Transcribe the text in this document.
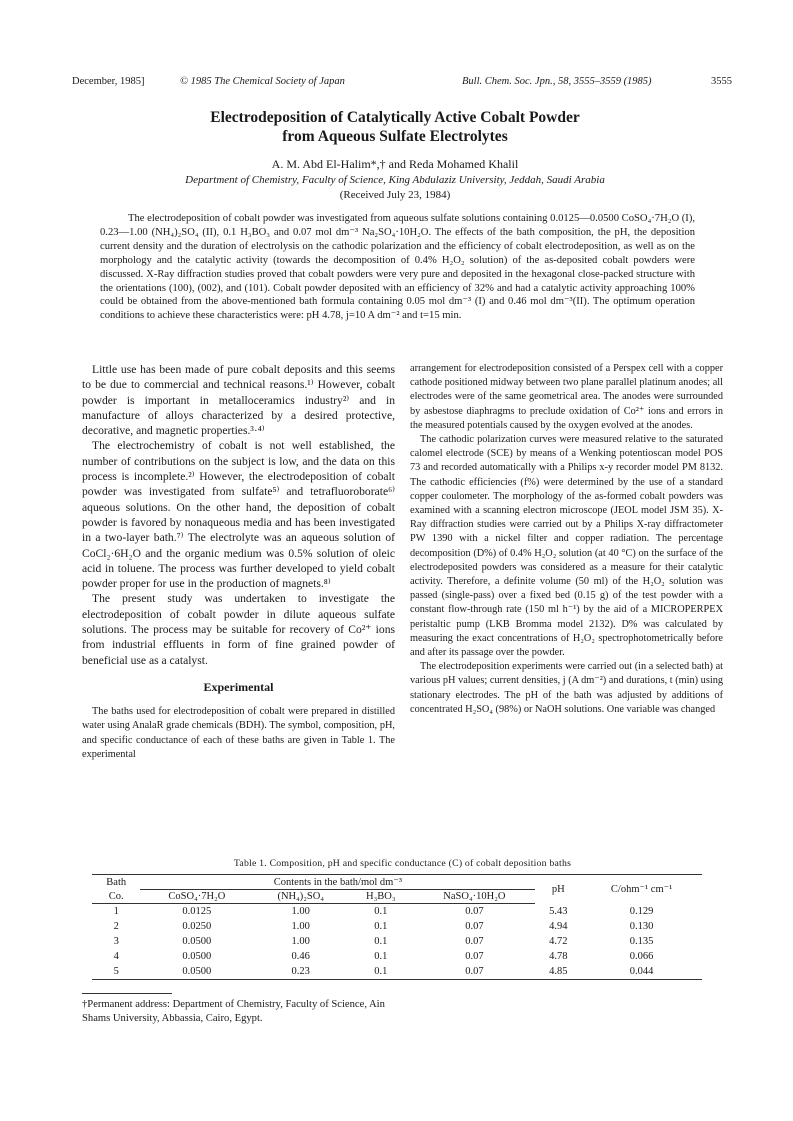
December, 1985]	© 1985 The Chemical Society of Japan	Bull. Chem. Soc. Jpn., 58, 3555–3559 (1985)	3555
Electrodeposition of Catalytically Active Cobalt Powder
from Aqueous Sulfate Electrolytes
A. M. Abd El-Halim*,† and Reda Mohamed Khalil
Department of Chemistry, Faculty of Science, King Abdulaziz University, Jeddah, Saudi Arabia
(Received July 23, 1984)
The electrodeposition of cobalt powder was investigated from aqueous sulfate solutions containing 0.0125—0.0500 CoSO₄·7H₂O (I), 0.23—1.00 (NH₄)₂SO₄ (II), 0.1 H₃BO₃ and 0.07 mol dm⁻³ Na₂SO₄·10H₂O. The effects of the bath composition, the pH, the deposition current density and the duration of electrolysis on the cathodic polarization and the efficiency of cobalt electrodeposition, as well as on the morphology and the catalytic activity (towards the decomposition of 0.4% H₂O₂ solution) of the as-deposited cobalt powders were discussed. X-Ray diffraction studies proved that cobalt powders were very pure and deposited in the hexagonal close-packed structure with the orientations (100), (002), and (101). Cobalt powder deposited with an efficiency of 32% and had a catalytic activity approaching 100% could be obtained from the above-mentioned bath formula containing 0.05 mol dm⁻³ (I) and 0.46 mol dm⁻³(II). The optimum operation conditions to achieve these characteristics were: pH 4.78, j=10 A dm⁻² and t=15 min.

Little use has been made of pure cobalt deposits and this seems to be due to commercial and technical reasons.¹⁾ However, cobalt powder is important in metalloceramics industry²⁾ and in manufacture of alloys characterized by a desired protective, decorative, and magnetic properties.³·⁴⁾

The electrochemistry of cobalt is not well established, the number of contributions on the subject is low, and the data on this process is incomplete.²⁾ However, the electrodeposition of cobalt powder was investigated from sulfate⁵⁾ and tetrafluoroborate⁶⁾ aqueous solutions. On the other hand, the deposition of cobalt powder is favored by nonaqueous media and has been investigated in a two-layer bath.⁷⁾ The electrolyte was an aqueous solution of CoCl₂·6H₂O and the organic medium was 0.5% solution of oleic acid in toluene. The process was further developed to yield cobalt powder proper for use in the production of magnets.⁸⁾

The present study was undertaken to investigate the electrodeposition of cobalt powder in dilute aqueous sulfate solutions. The process may be suitable for recovery of Co²⁺ ions from industrial effluents in form of fine grained powder of beneficial use as a catalyst.

Experimental

The baths used for electrodeposition of cobalt were prepared in distilled water using AnalaR grade chemicals (BDH). The symbol, composition, pH, and specific conductance of each of these baths are given in Table 1. The experimental

arrangement for electrodeposition consisted of a Perspex cell with a copper cathode positioned midway between two plane parallel platinum anodes; all electrodes were of the same geometrical area. The anodes were surrounded by asbestose diaphragms to preclude oxidation of Co²⁺ ions and errors in the measured potentials caused by the oxygen evolved at the anodes.

The cathodic polarization curves were measured relative to the saturated calomel electrode (SCE) by means of a Wenking potentioscan model POS 73 and recorded automatically with a Philips x-y recorder model PM 8132. The cathodic efficiencies (f%) were determined by the use of a standard copper coulometer. The morphology of the as-formed cobalt powders was examined with a scanning electron microscope (JEOL model JSM 35). X-Ray diffraction studies were carried out by a Philips X-ray diffractometer PW 1390 with a nickel filter and copper radiation. The percentage decomposition (D%) of 0.4% H₂O₂ solution (at 40 °C) on the surface of the electrodeposited powders was considered as a measure for their catalytic activity. Therefore, a definite volume (50 ml) of the H₂O₂ solution was passed (single-pass) over a fixed bed (0.15 g) of the test powder with a constant flow-through rate (150 ml h⁻¹) by the aid of a MICROPERPEX peristaltic pump (LKB Bromma model 2132). D% was calculated by measuring the exact concentrations of H₂O₂ spectrophotometrically before and after its passage over the powder.

The electrodeposition experiments were carried out (in a selected bath) at various pH values; current densities, j (A dm⁻²) and durations, t (min) using stationary electrodes. The pH of the bath was adjusted by additions of concentrated H₂SO₄ (98%) or NaOH solutions. One variable was changed

Table 1. Composition, pH and specific conductance (C) of cobalt deposition baths
Bath	Contents in the bath/mol dm⁻³				pH	C/ohm⁻¹ cm⁻¹
Co.	CoSO₄·7H₂O	(NH₄)₂SO₄	H₃BO₃	NaSO₄·10H₂O		
1	0.0125	1.00	0.1	0.07	5.43	0.129
2	0.0250	1.00	0.1	0.07	4.94	0.130
3	0.0500	1.00	0.1	0.07	4.72	0.135
4	0.0500	0.46	0.1	0.07	4.78	0.066
5	0.0500	0.23	0.1	0.07	4.85	0.044
†Permanent address: Department of Chemistry, Faculty of Science, Ain Shams University, Abbassia, Cairo, Egypt.
